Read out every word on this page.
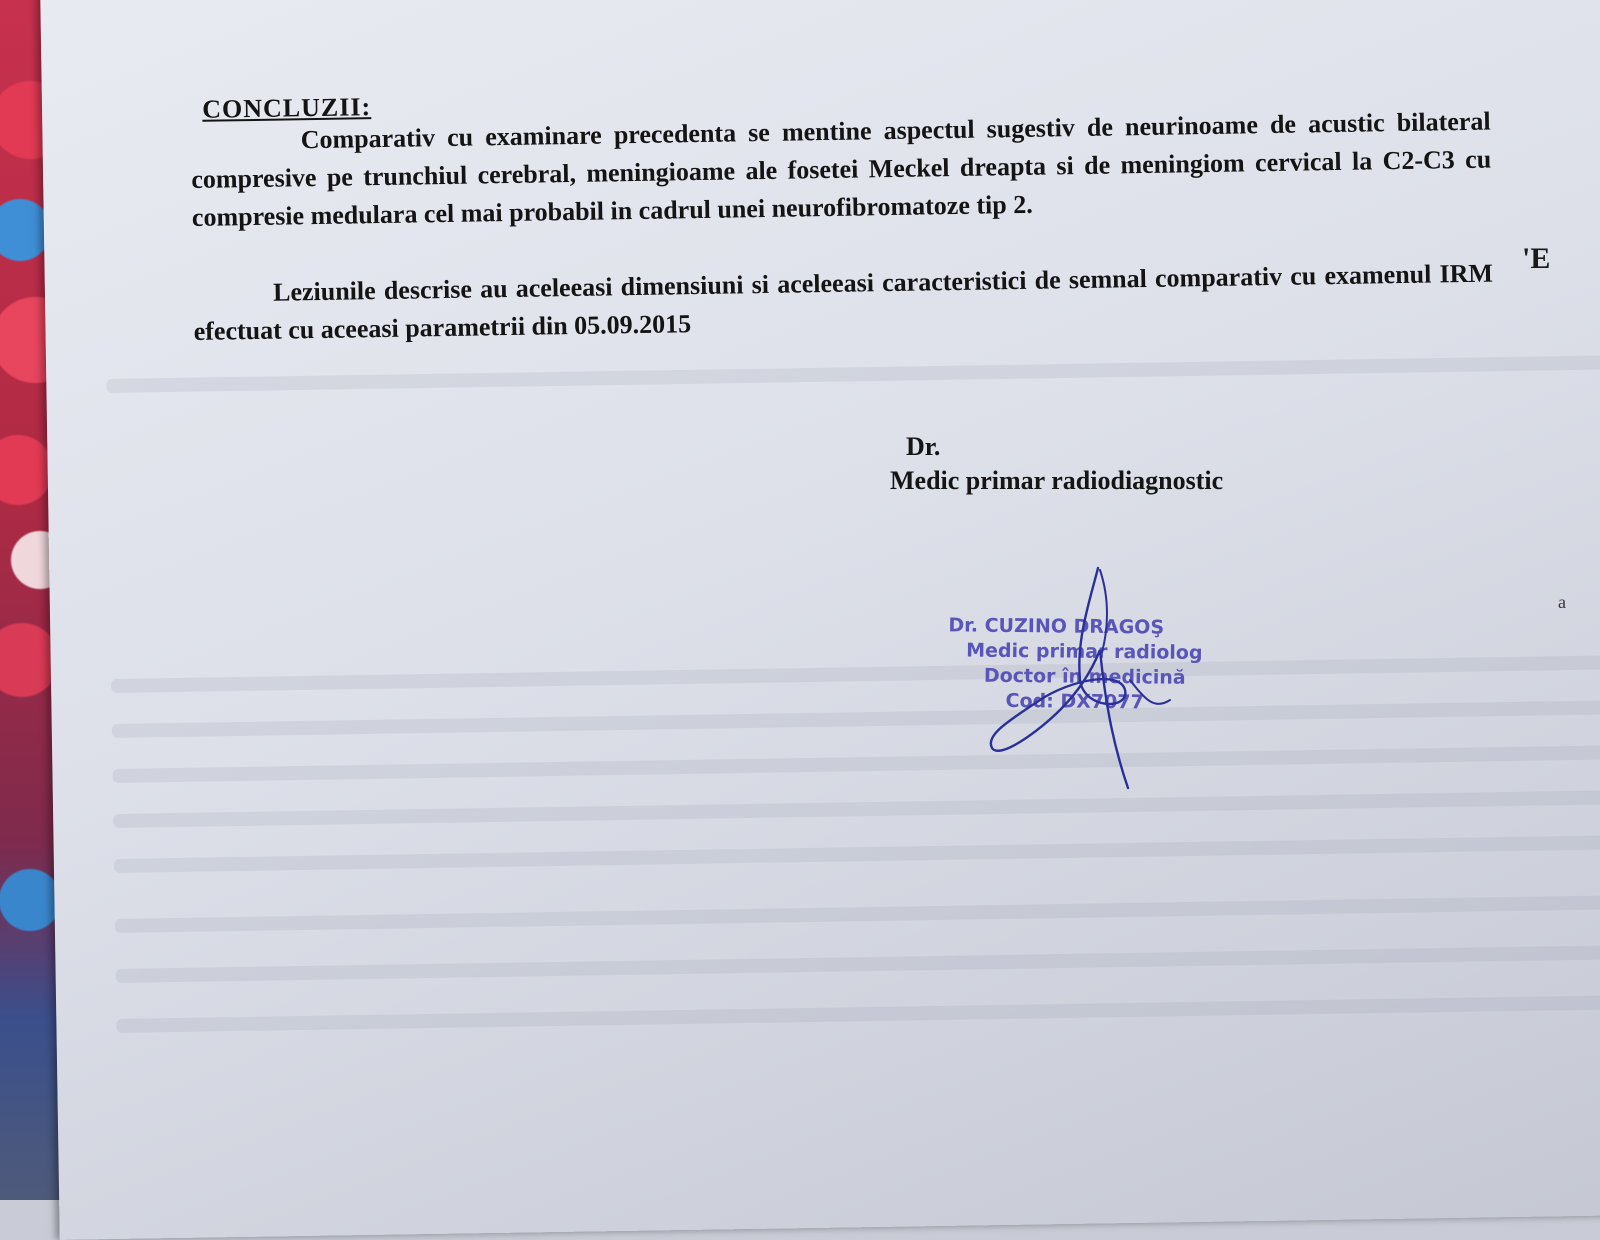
CONCLUZII:
Comparativ cu examinare precedenta se mentine aspectul sugestiv de neurinoame de acustic bilateral compresive pe trunchiul cerebral, meningioame ale fosetei Meckel dreapta si de meningiom cervical la C2-C3 cu compresie medulara cel mai probabil in cadrul unei neurofibromatoze tip 2.
Leziunile descrise au aceleeasi dimensiuni si aceleeasi caracteristici de semnal comparativ cu examenul IRM efectuat cu aceeasi parametrii din 05.09.2015
'E
a
Dr.
Medic primar radiodiagnostic
Dr. CUZINO DRAGOŞ
Medic primar radiolog
Doctor în medicină
Cod: DX7077
